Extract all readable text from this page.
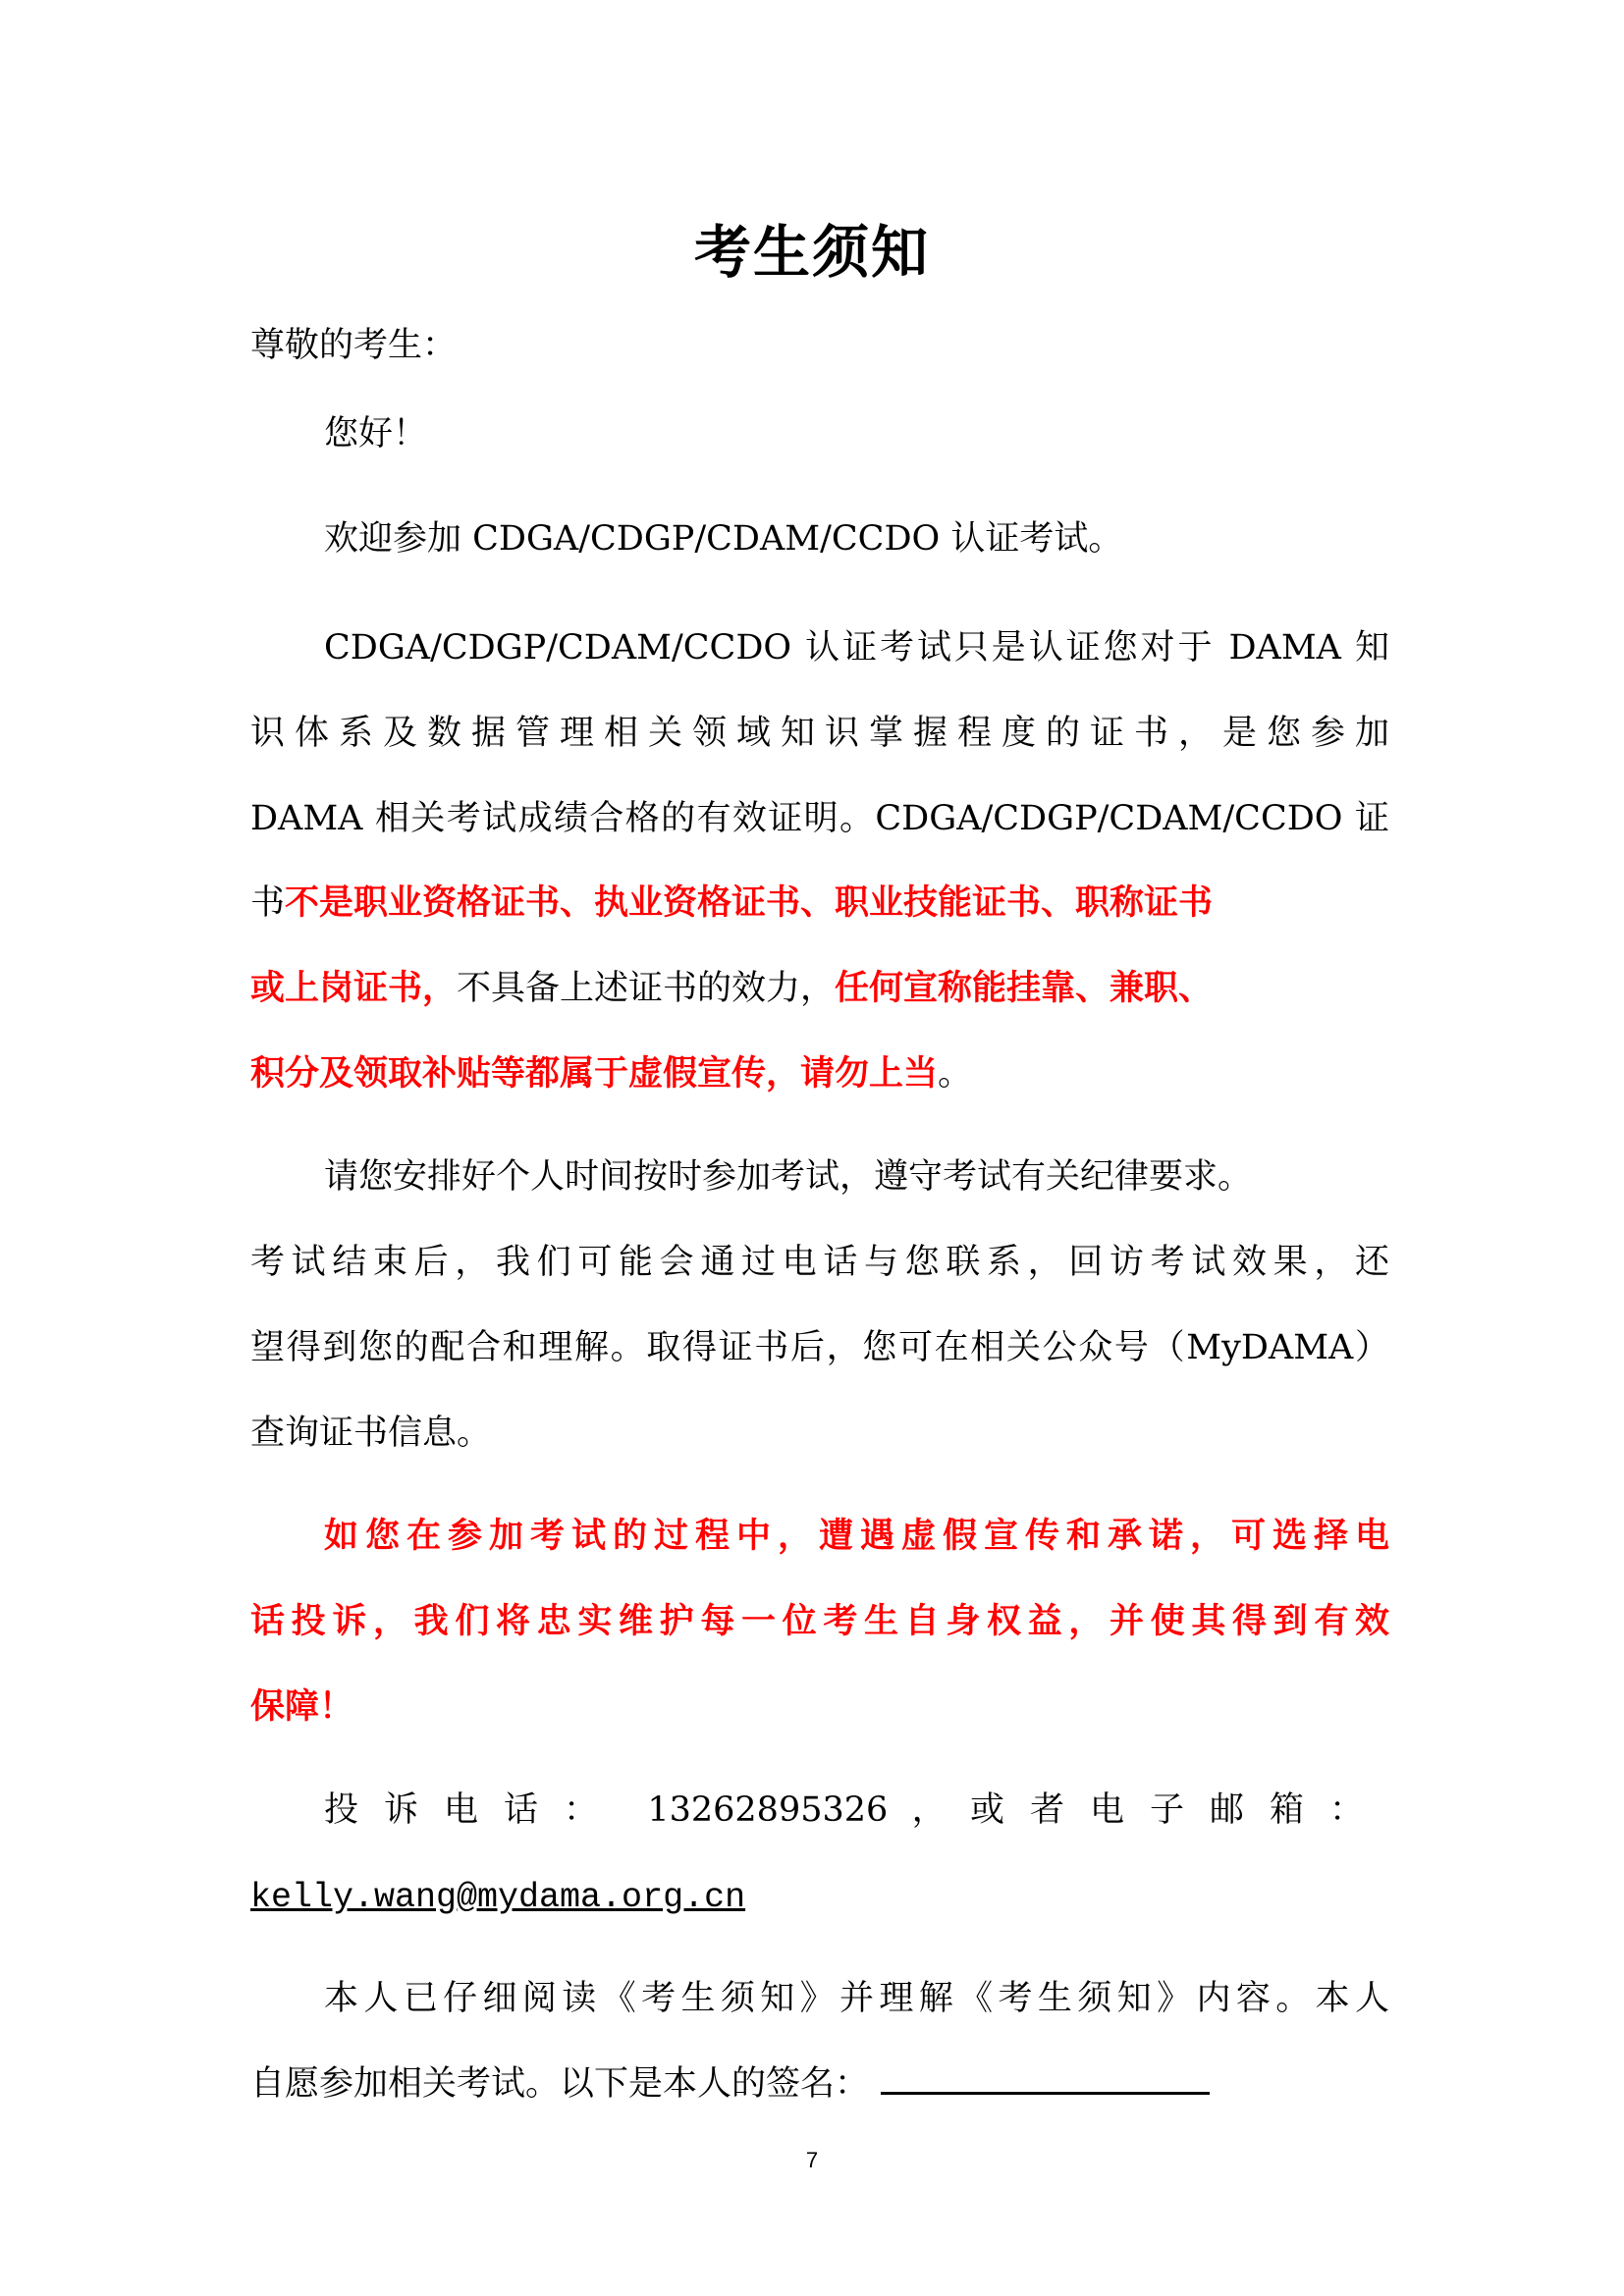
考生须知
尊敬的考生：
您好！
欢迎参加 CDGA/CDGP/CDAM/CCDO 认证考试。
CDGA/CDGP/CDAM/CCDO 认证考试只是认证您对于 DAMA 知
识体系及数据管理相关领域知识掌握程度的证书，是您参加
DAMA 相关考试成绩合格的有效证明。CDGA/CDGP/CDAM/CCDO 证
书不是职业资格证书、执业资格证书、职业技能证书、职称证书
或上岗证书，不具备上述证书的效力，任何宣称能挂靠、兼职、
积分及领取补贴等都属于虚假宣传，请勿上当。
请您安排好个人时间按时参加考试，遵守考试有关纪律要求。
考试结束后，我们可能会通过电话与您联系，回访考试效果，还
望得到您的配合和理解。取得证书后，您可在相关公众号（MyDAMA）
查询证书信息。
如您在参加考试的过程中，遭遇虚假宣传和承诺，可选择电
话投诉，我们将忠实维护每一位考生自身权益，并使其得到有效
保障！
投诉电话： 13262895326 ， 或者电子邮箱：
kelly.wang@mydama.org.cn
本人已仔细阅读《考生须知》并理解《考生须知》内容。本人
自愿参加相关考试。以下是本人的签名：
7
